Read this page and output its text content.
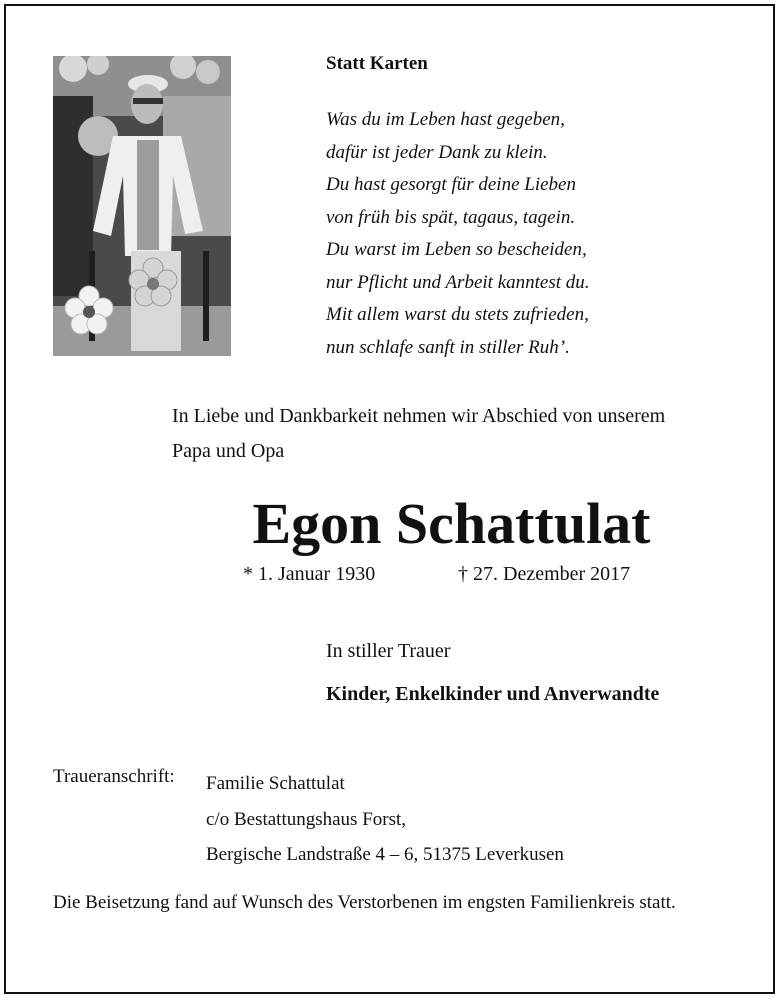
Statt Karten
Was du im Leben hast gegeben,
dafür ist jeder Dank zu klein.
Du hast gesorgt für deine Lieben
von früh bis spät, tagaus, tagein.
Du warst im Leben so bescheiden,
nur Pflicht und Arbeit kanntest du.
Mit allem warst du stets zufrieden,
nun schlafe sanft in stiller Ruh’.
In Liebe und Dankbarkeit nehmen wir Abschied von unserem
Papa und Opa
Egon Schattulat
* 1. Januar 1930	† 27. Dezember 2017
In stiller Trauer
Kinder, Enkelkinder und Anverwandte
Traueranschrift: Familie Schattulat
c/o Bestattungshaus Forst,
Bergische Landstraße 4 – 6, 51375 Leverkusen
Die Beisetzung fand auf Wunsch des Verstorbenen im engsten Familienkreis statt.
